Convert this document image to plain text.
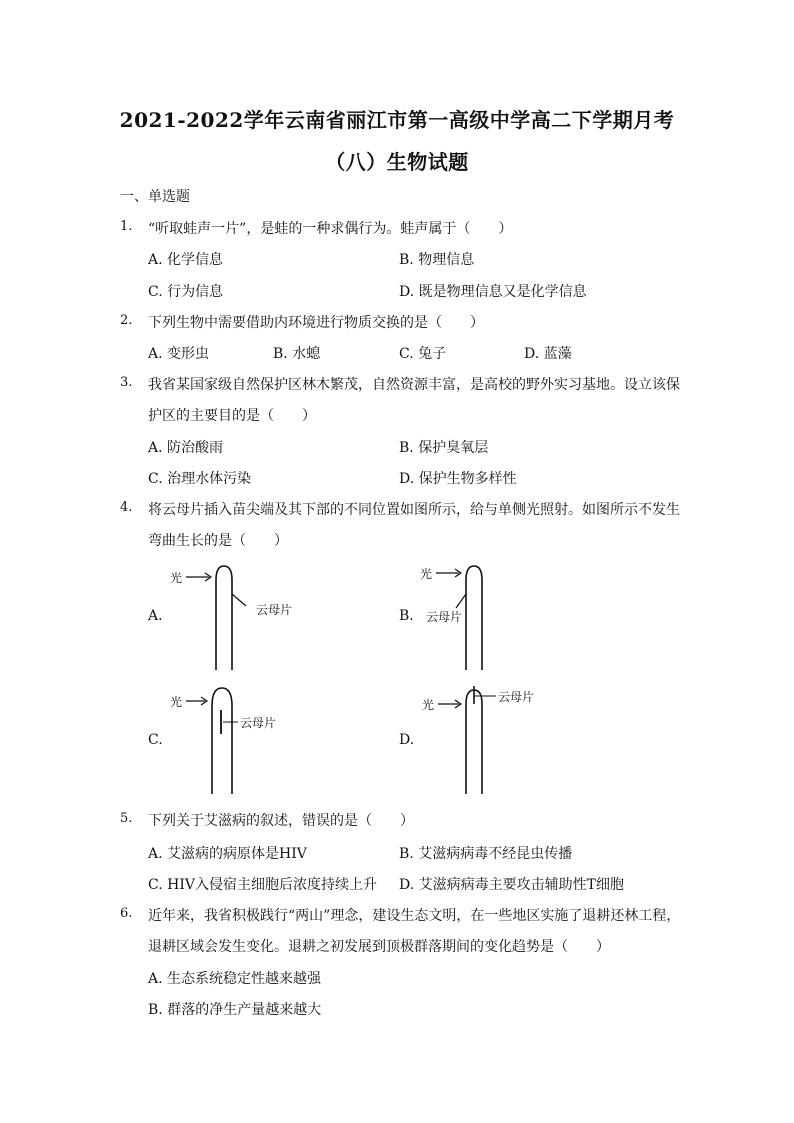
2021-2022学年云南省丽江市第一高级中学高二下学期月考
（八）生物试题
一、单选题
1. “听取蛙声一片”，是蛙的一种求偶行为。蛙声属于（　　）
A. 化学信息	B. 物理信息
C. 行为信息	D. 既是物理信息又是化学信息
2. 下列生物中需要借助内环境进行物质交换的是（　　）
A. 变形虫	B. 水螅	C. 兔子	D. 蓝藻
3. 我省某国家级自然保护区林木繁茂，自然资源丰富，是高校的野外实习基地。设立该保
护区的主要目的是（　　）
A. 防治酸雨	B. 保护臭氧层
C. 治理水体污染	D. 保护生物多样性
4. 将云母片插入苗尖端及其下部的不同位置如图所示，给与单侧光照射。如图所示不发生
弯曲生长的是（　　）
A.	B.
C.	D.
光
云母片
光
云母片
光
云母片
光
云母片
5. 下列关于艾滋病的叙述，错误的是（　　）
A. 艾滋病的病原体是HIV	B. 艾滋病病毒不经昆虫传播
C. HIV入侵宿主细胞后浓度持续上升 D. 艾滋病病毒主要攻击辅助性T细胞
6. 近年来，我省积极践行“两山”理念，建设生态文明，在一些地区实施了退耕还林工程，
退耕区域会发生变化。退耕之初发展到顶极群落期间的变化趋势是（　　）
A. 生态系统稳定性越来越强
B. 群落的净生产量越来越大
